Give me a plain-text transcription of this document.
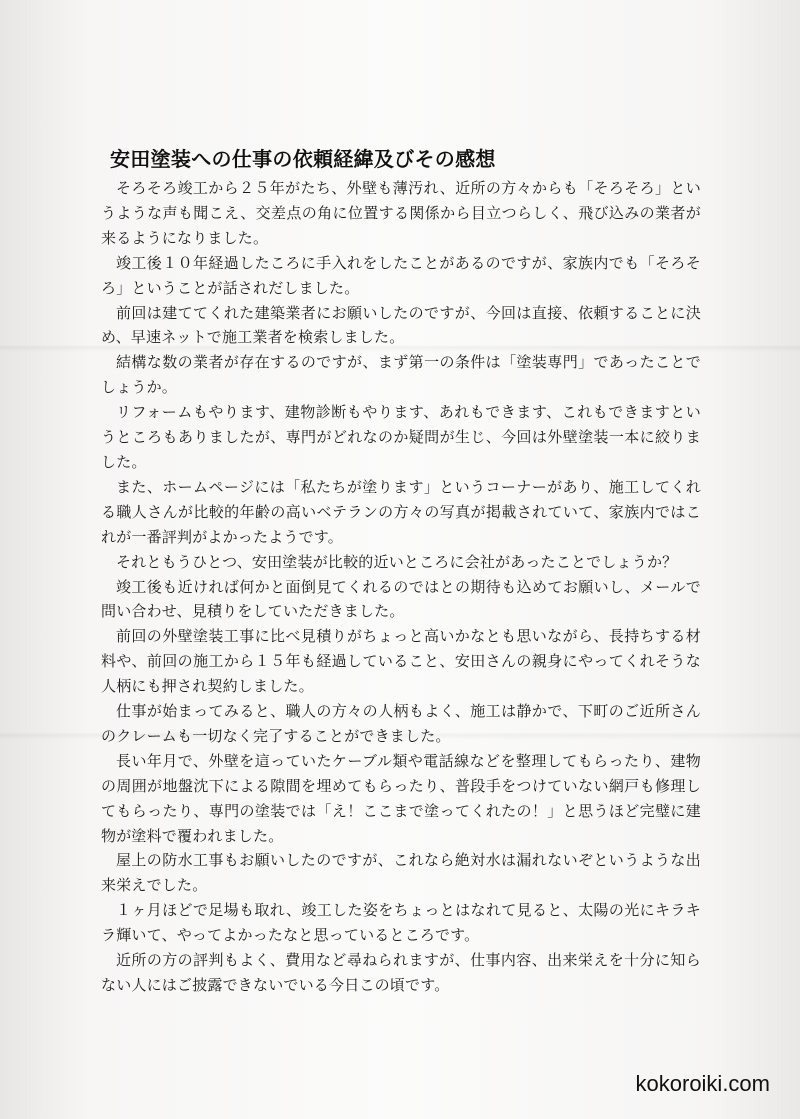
安田塗装への仕事の依頼経緯及びその感想

そろそろ竣工から２５年がたち、外壁も薄汚れ、近所の方々からも「そろそろ」というような声も聞こえ、交差点の角に位置する関係から目立つらしく、飛び込みの業者が来るようになりました。

竣工後１０年経過したころに手入れをしたことがあるのですが、家族内でも「そろそろ」ということが話されだしました。

前回は建ててくれた建築業者にお願いしたのですが、今回は直接、依頼することに決め、早速ネットで施工業者を検索しました。

結構な数の業者が存在するのですが、まず第一の条件は「塗装専門」であったことでしょうか。

リフォームもやります、建物診断もやります、あれもできます、これもできますというところもありましたが、専門がどれなのか疑問が生じ、今回は外壁塗装一本に絞りました。

また、ホームページには「私たちが塗ります」というコーナーがあり、施工してくれる職人さんが比較的年齢の高いベテランの方々の写真が掲載されていて、家族内ではこれが一番評判がよかったようです。

それともうひとつ、安田塗装が比較的近いところに会社があったことでしょうか？

竣工後も近ければ何かと面倒見てくれるのではとの期待も込めてお願いし、メールで問い合わせ、見積りをしていただきました。

前回の外壁塗装工事に比べ見積りがちょっと高いかなとも思いながら、長持ちする材料や、前回の施工から１５年も経過していること、安田さんの親身にやってくれそうな人柄にも押され契約しました。

仕事が始まってみると、職人の方々の人柄もよく、施工は静かで、下町のご近所さんのクレームも一切なく完了することができました。

長い年月で、外壁を這っていたケーブル類や電話線などを整理してもらったり、建物の周囲が地盤沈下による隙間を埋めてもらったり、普段手をつけていない網戸も修理してもらったり、専門の塗装では「え！ここまで塗ってくれたの！」と思うほど完璧に建物が塗料で覆われました。

屋上の防水工事もお願いしたのですが、これなら絶対水は漏れないぞというような出来栄えでした。

１ヶ月ほどで足場も取れ、竣工した姿をちょっとはなれて見ると、太陽の光にキラキラ輝いて、やってよかったなと思っているところです。

近所の方の評判もよく、費用など尋ねられますが、仕事内容、出来栄えを十分に知らない人にはご披露できないでいる今日この頃です。

kokoroiki.com
